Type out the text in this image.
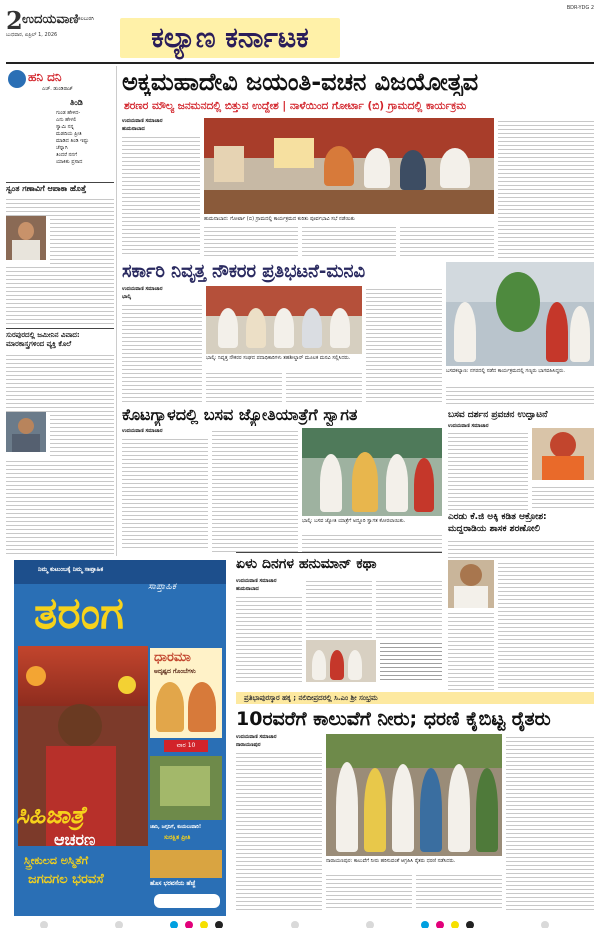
2 ಉದಯವಾಣಿ ಕಲಬುರಗಿ
ಬುಧವಾರ, ಏಪ್ರಿಲ್ 1, 2026	ಕಲ್ಯಾಣ ಕರ್ನಾಟಕ
BDR-YDG 2
ಹನಿ ದನಿ
ಎಚ್. ಡುಂಡಿರಾಜ್
ತಿಂಡಿ
ಗುಂಡ ಹೇಳಿದ-
ಎನು ಹೇಳಲಿ
ಸ್ವಾಮಿ ನನ್ನ
ಮಡದಿಯ ಪ್ರೀತಿ
ಮಾಡಿದ ತಿಂಡಿ ಇಷ್ಟು
ಚೆನ್ನಾಗಿ
ತಿಂದರೆ ನನಗೆ
ಯಾಕಿತು ಪ್ರಸಾದ
ಸ್ವಂತ ಗಣಾವಿಗೆ ಆಪಾಕಾ ಹೊತ್ತೆ
ಸುರಪುರದಲ್ಲಿ ಜಮೀನಿನ ವಿವಾದ: ಮಾರಕಾಸ್ತ್ರಗಳಿಂದ ವ್ಯಕ್ತಿ ಕೊಲೆ
ನಿಮ್ಮ ಕುಟುಂಬಕ್ಕೆ ನಿಮ್ಮ ಸಾಪ್ತಾಹಿಕ
ಸಾಪ್ತಾಹಿಕ
ತರಂಗ
ಧಾರಮಾ
ಅದೃಷ್ಟದ ಗೊಂಬೆಗಳು
ವಾರ 10
ಜಾನಿ, ಜಗ್ಗನಿಗೆ, ಕುಯಲುವಾರಿ!
ಸುರಕ್ಷಿತ ಪ್ರೀತಿ
ಸಿಹಿಜಾತ್ರೆ
ಆಚರಣ
ಸ್ತ್ರೀಕುಲದ ಅಸ್ಮಿತೆಗೆ
ಜಗದಗಲ ಭರವಸೆ	ಹೊಸ ಭರವಸೆಯ ಹೆಜ್ಜೆ
ಅಕ್ಕಮಹಾದೇವಿ ಜಯಂತಿ-ವಚನ ವಿಜಯೋತ್ಸವ
ಶರಣರ ಮೌಲ್ಯ ಜನಮನದಲ್ಲಿ ಬಿತ್ತುವ ಉದ್ದೇಶ | ನಾಳೆಯಿಂದ ಗೋರ್ಟಾ (ಬಿ) ಗ್ರಾಮದಲ್ಲಿ ಕಾರ್ಯಕ್ರಮ
ಉದಯವಾಣಿ ಸಮಾಚಾರ
ಹುಮನಾಬಾದ
ಹುಮನಾಬಾದ: ಗೋರ್ಟಾ (ಬಿ) ಗ್ರಾಮದಲ್ಲಿ ಕಾರ್ಯಕ್ರಮದ ಕುರಿತು ಪೂರ್ವಭಾವಿ ಸಭೆ ನಡೆಯಿತು
ಸರ್ಕಾರಿ ನಿವೃತ್ತ ನೌಕರರ ಪ್ರತಿಭಟನೆ-ಮನವಿ
ಉದಯವಾಣಿ ಸಮಾಚಾರ
ಭಾಲ್ಕಿ
ಭಾಲ್ಕಿ: ನಿವೃತ್ತ ನೌಕರರ ಸಂಘದ ಪದಾಧಿಕಾರಿಗಳು ತಹಶೀಲ್ದಾರ್ ಮೂಲಕ ಮನವಿ ಸಲ್ಲಿಸಿದರು.
ಬಸವಕಲ್ಯಾಣ: ನಗರದಲ್ಲಿ ನಡೆದ ಕಾರ್ಯಕ್ರಮದಲ್ಲಿ ಗಣ್ಯರು ಭಾಗವಹಿಸಿದ್ದರು.
ಕೊಟಗ್ಯಾಳದಲ್ಲಿ ಬಸವ ಜ್ಯೋತಿಯಾತ್ರೆಗೆ ಸ್ವಾಗತ
ಉದಯವಾಣಿ ಸಮಾಚಾರ
ಭಾಲ್ಕಿ: ಬಸವ ಜ್ಯೋತಿ ಯಾತ್ರೆಗೆ ಅದ್ದೂರಿ ಸ್ವಾಗತ ಕೋರಲಾಯಿತು.
ಬಸವ ದರ್ಶನ ಪ್ರವಚನ ಉದ್ಘಾಟನೆ
ಉದಯವಾಣಿ ಸಮಾಚಾರ
ಎರಡು ಕೆ.ಜಿ ಅಕ್ಕಿ ಕಡಿತ ಆಕ್ರೋಶ:
ಮದ್ದರಾಡಿಯ ಶಾಸಕ ಶರಣೋಲಿ
ಏಳು ದಿನಗಳ ಹನುಮಾನ್ ಕಥಾ
ಉದಯವಾಣಿ ಸಮಾಚಾರ
ಹುಮನಾಬಾದ
ಪ್ರತಿಭಾಪುರಸ್ಕಾರ ಹಕ್ಕ ; ನಲಿದೀಪ್ರದರಲ್ಲಿ ಸಿ.ಎಂ ಶ್ರೀ ಸಂಭ್ರಮ
10ರವರೆಗೆ ಕಾಲುವೆಗೆ ನೀರು; ಧರಣಿ ಕೈಬಿಟ್ಟ ರೈತರು
ಉದಯವಾಣಿ ಸಮಾಚಾರ
ನಾರಾಯಣಪುರ
ನಾರಾಯಣಪುರ: ಕಾಲುವೆಗೆ ನೀರು ಹರಿಸುವಂತೆ ಆಗ್ರಹಿಸಿ ರೈತರು ಧರಣಿ ನಡೆಸಿದರು.
